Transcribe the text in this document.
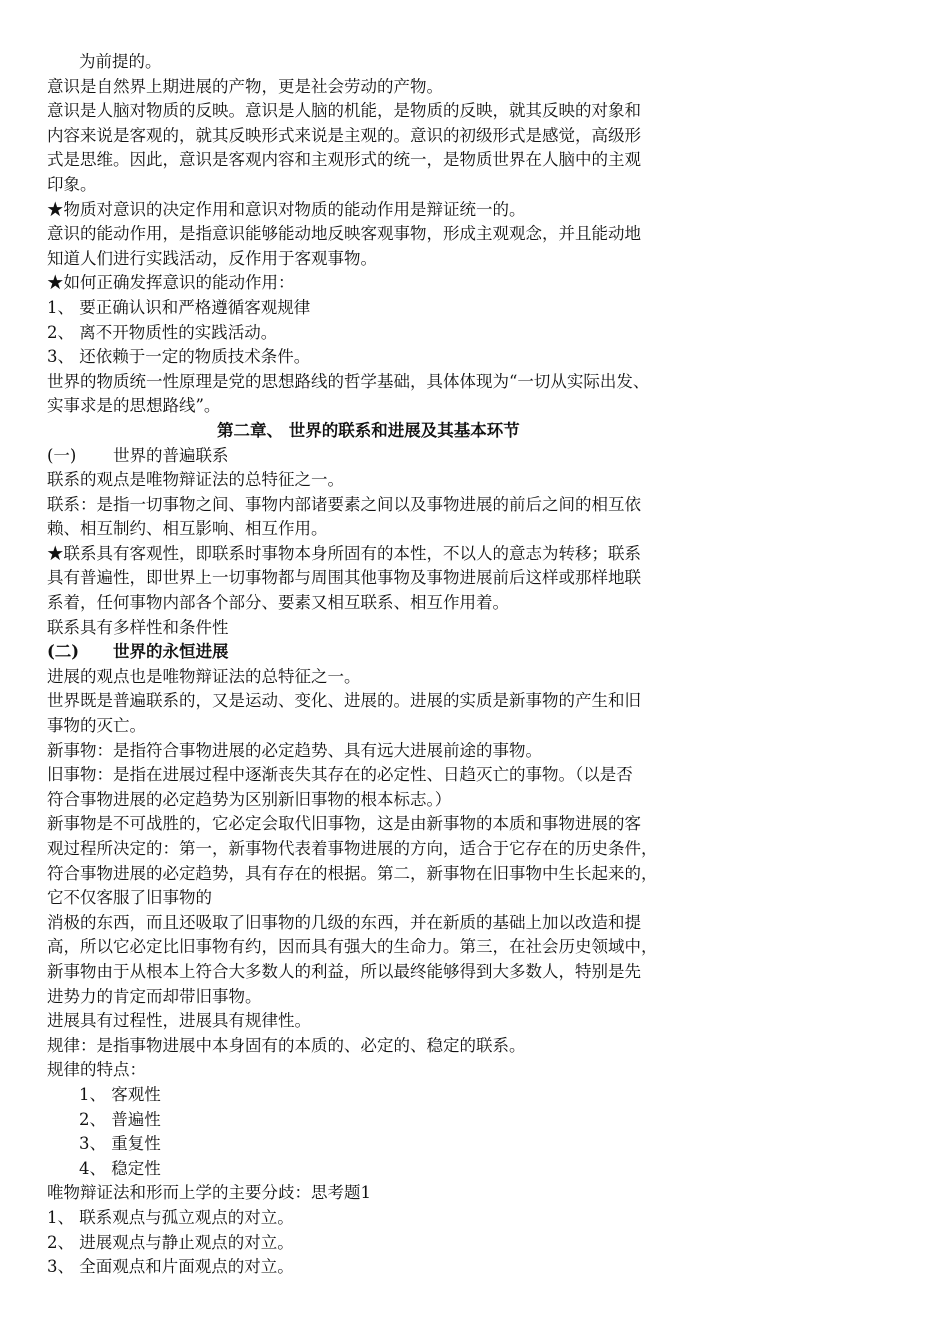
为前提的。
意识是自然界上期进展的产物，更是社会劳动的产物。
意识是人脑对物质的反映。意识是人脑的机能，是物质的反映，就其反映的对象和
内容来说是客观的，就其反映形式来说是主观的。意识的初级形式是感觉，高级形
式是思维。因此，意识是客观内容和主观形式的统一，是物质世界在人脑中的主观
印象。
★物质对意识的决定作用和意识对物质的能动作用是辩证统一的。
意识的能动作用，是指意识能够能动地反映客观事物，形成主观观念，并且能动地
知道人们进行实践活动，反作用于客观事物。
★如何正确发挥意识的能动作用：
1、 要正确认识和严格遵循客观规律
2、 离不开物质性的实践活动。
3、 还依赖于一定的物质技术条件。
世界的物质统一性原理是党的思想路线的哲学基础，具体体现为“一切从实际出发、
实事求是的思想路线”。
第二章、 世界的联系和进展及其基本环节
(一) 世界的普遍联系
联系的观点是唯物辩证法的总特征之一。
联系：是指一切事物之间、事物内部诸要素之间以及事物进展的前后之间的相互依
赖、相互制约、相互影响、相互作用。
★联系具有客观性，即联系时事物本身所固有的本性，不以人的意志为转移；联系
具有普遍性，即世界上一切事物都与周围其他事物及事物进展前后这样或那样地联
系着，任何事物内部各个部分、要素又相互联系、相互作用着。
联系具有多样性和条件性
(二) 世界的永恒进展
进展的观点也是唯物辩证法的总特征之一。
世界既是普遍联系的，又是运动、变化、进展的。进展的实质是新事物的产生和旧
事物的灭亡。
新事物：是指符合事物进展的必定趋势、具有远大进展前途的事物。
旧事物：是指在进展过程中逐渐丧失其存在的必定性、日趋灭亡的事物。（以是否
符合事物进展的必定趋势为区别新旧事物的根本标志。）
新事物是不可战胜的，它必定会取代旧事物，这是由新事物的本质和事物进展的客
观过程所决定的：第一，新事物代表着事物进展的方向，适合于它存在的历史条件，
符合事物进展的必定趋势，具有存在的根据。第二，新事物在旧事物中生长起来的，
它不仅客服了旧事物的
消极的东西，而且还吸取了旧事物的几级的东西，并在新质的基础上加以改造和提
高，所以它必定比旧事物有约，因而具有强大的生命力。第三，在社会历史领域中，
新事物由于从根本上符合大多数人的利益，所以最终能够得到大多数人，特别是先
进势力的肯定而却带旧事物。
进展具有过程性，进展具有规律性。
规律：是指事物进展中本身固有的本质的、必定的、稳定的联系。
规律的特点：
1、 客观性
2、 普遍性
3、 重复性
4、 稳定性
唯物辩证法和形而上学的主要分歧：思考题1
1、 联系观点与孤立观点的对立。
2、 进展观点与静止观点的对立。
3、 全面观点和片面观点的对立。
